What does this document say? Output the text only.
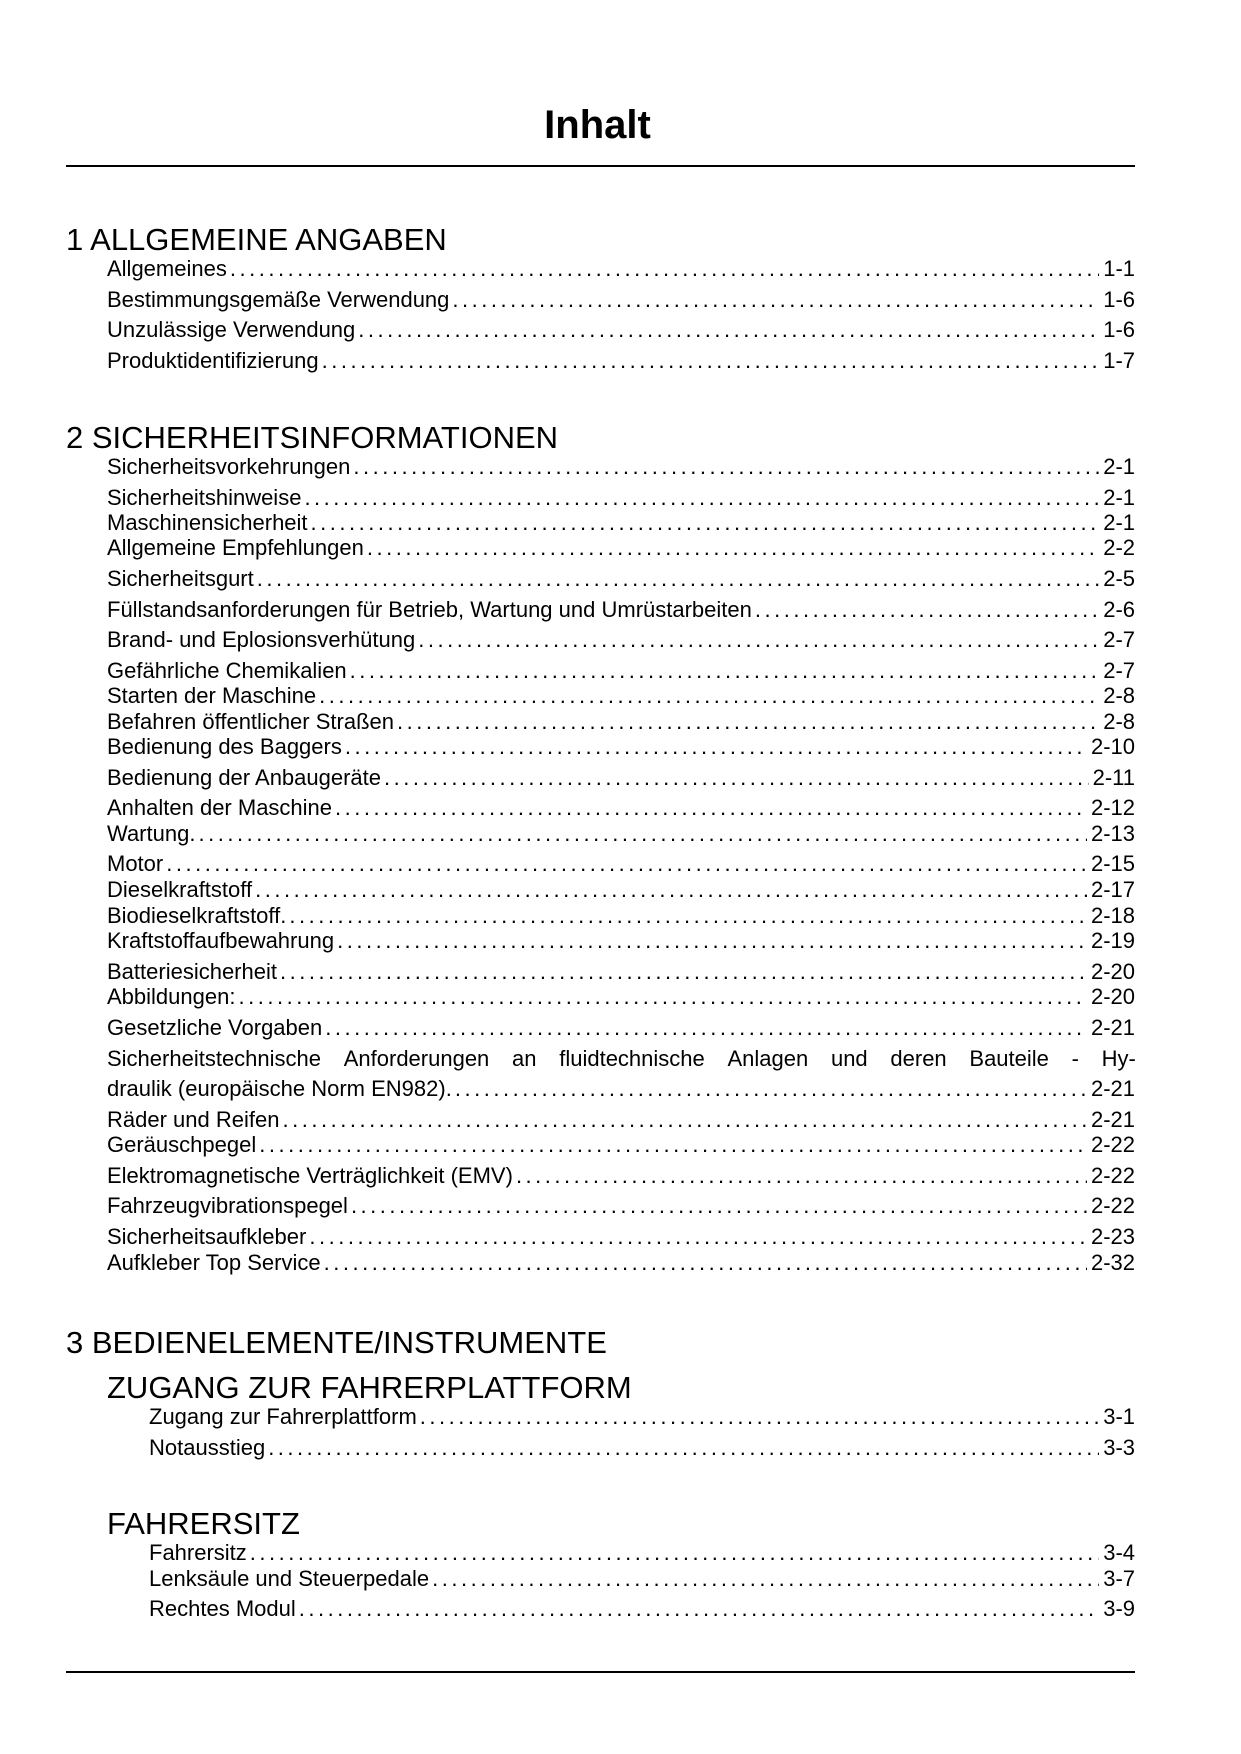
Inhalt
1 ALLGEMEINE ANGABEN
Allgemeines . . .	1-1
Bestimmungsgemäße Verwendung . . .	1-6
Unzulässige Verwendung . . .	1-6
Produktidentifizierung . . .	1-7
2 SICHERHEITSINFORMATIONEN
Sicherheitsvorkehrungen . . .	2-1
Sicherheitshinweise . . .	2-1
Maschinensicherheit . . .	2-1
Allgemeine Empfehlungen . . .	2-2
Sicherheitsgurt . . .	2-5
Füllstandsanforderungen für Betrieb, Wartung und Umrüstarbeiten . . .	2-6
Brand- und Eplosionsverhütung . . .	2-7
Gefährliche Chemikalien . . .	2-7
Starten der Maschine . . .	2-8
Befahren öffentlicher Straßen . . .	2-8
Bedienung des Baggers . . .	2-10
Bedienung der Anbaugeräte . . .	2-11
Anhalten der Maschine . . .	2-12
Wartung. . . .	2-13
Motor . . .	2-15
Dieselkraftstoff . . .	2-17
Biodieselkraftstoff. . . .	2-18
Kraftstoffaufbewahrung . . .	2-19
Batteriesicherheit . . .	2-20
Abbildungen: . . .	2-20
Gesetzliche Vorgaben . . .	2-21
Sicherheitstechnische Anforderungen an fluidtechnische Anlagen und deren Bauteile - Hy-
draulik (europäische Norm EN982). . . .	2-21
Räder und Reifen . . .	2-21
Geräuschpegel . . .	2-22
Elektromagnetische Verträglichkeit (EMV) . . .	2-22
Fahrzeugvibrationspegel . . .	2-22
Sicherheitsaufkleber . . .	2-23
Aufkleber Top Service . . .	2-32
3 BEDIENELEMENTE/INSTRUMENTE
ZUGANG ZUR FAHRERPLATTFORM
Zugang zur Fahrerplattform . . .	3-1
Notausstieg . . .	3-3
FAHRERSITZ
Fahrersitz . . .	3-4
Lenksäule und Steuerpedale . . .	3-7
Rechtes Modul . . .	3-9
